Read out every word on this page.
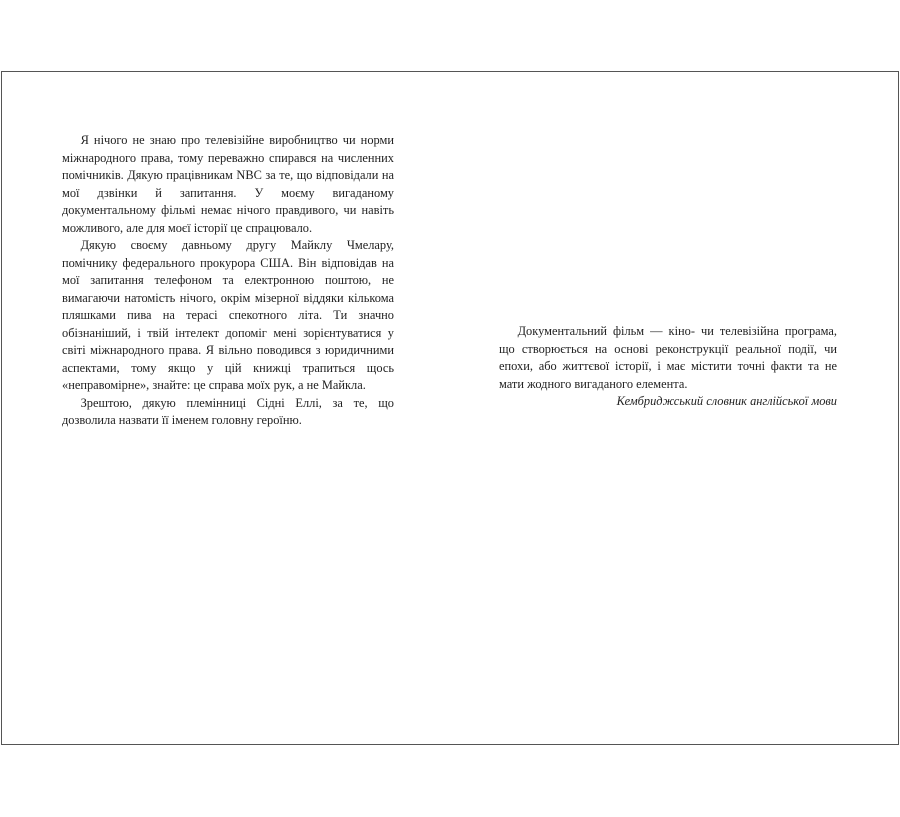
Я нічого не знаю про телевізійне виробництво чи норми міжнародного права, тому переважно спирався на численних помічників. Дякую працівникам NBC за те, що відповідали на мої дзвінки й запитання. У моєму вигаданому документальному фільмі немає нічого правдивого, чи навіть можливого, але для моєї історії це спрацювало.

Дякую своєму давньому другу Майклу Чмелару, помічнику федерального прокурора США. Він відповідав на мої запитання телефоном та електронною поштою, не вимагаючи натомість нічого, окрім мізерної віддяки кількома пляшками пива на терасі спекотного літа. Ти значно обізнаніший, і твій інтелект допоміг мені зорієнтуватися у світі міжнародного права. Я вільно поводився з юридичними аспектами, тому якщо у цій книжці трапиться щось «неправомірне», знайте: це справа моїх рук, а не Майкла.

Зрештою, дякую племінниці Сідні Еллі, за те, що дозволила назвати її іменем головну героїню.

Документальний фільм — кіно- чи телевізійна програма, що створюється на основі реконструкції реальної події, чи епохи, або життєвої історії, і має містити точні факти та не мати жодного вигаданого елемента.

Кембриджський словник англійської мови
